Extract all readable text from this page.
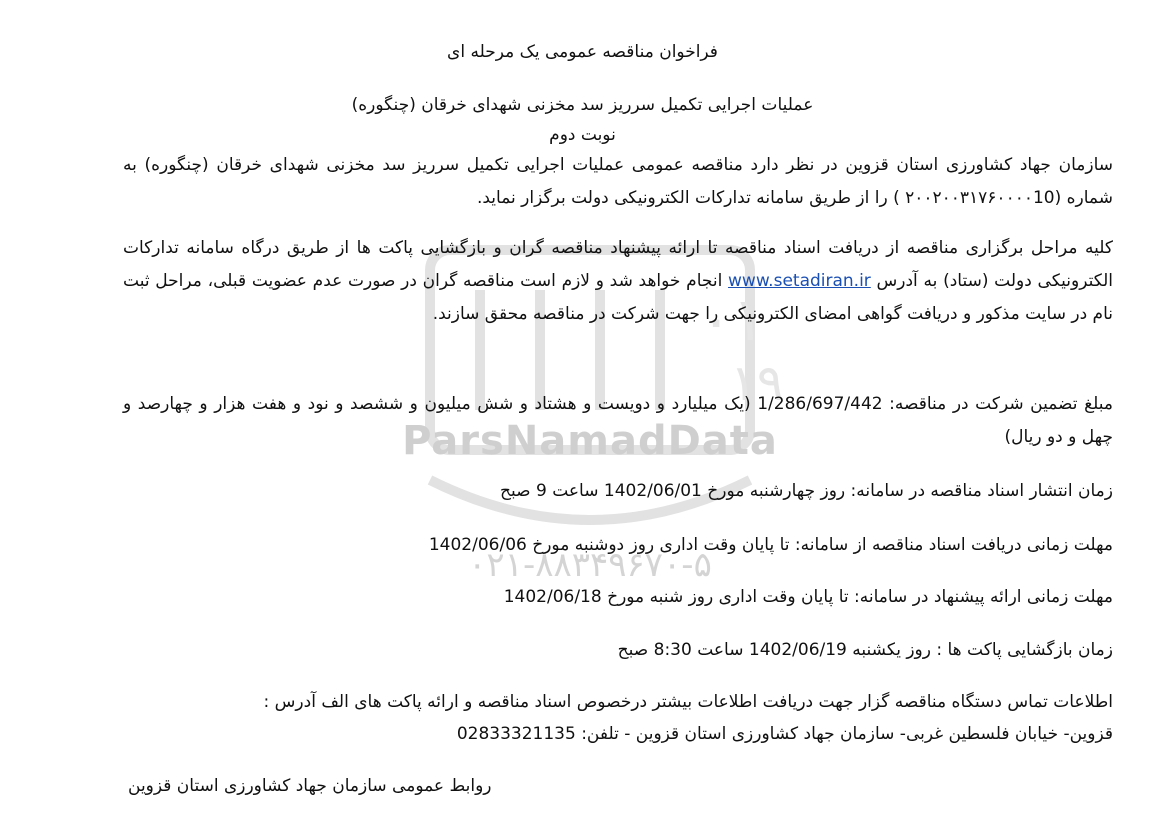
۰۱
۱۹
ParsNamadData
۰۲۱-۸۸۳۴۹۶۷۰-۵
فراخوان مناقصه عمومی یک مرحله ای
عملیات اجرایی تکمیل سرریز سد مخزنی شهدای خرقان (چنگوره)
نوبت دوم
سازمان جهاد کشاورزی استان قزوین در نظر دارد مناقصه عمومی عملیات اجرایی تکمیل سرریز سد مخزنی شهدای خرقان (چنگوره) به شماره (۲۰۰۲۰۰۳۱۷۶۰۰۰۰10 ) را از طریق سامانه تدارکات الکترونیکی دولت برگزار نماید.
کلیه مراحل برگزاری مناقصه از دریافت اسناد مناقصه تا ارائه پیشنهاد مناقصه گران و بازگشایی پاکت ها از طریق درگاه سامانه تدارکات الکترونیکی دولت (ستاد) به آدرس www.setadiran.ir انجام خواهد شد و لازم است مناقصه گران در صورت عدم عضویت قبلی، مراحل ثبت نام در سایت مذکور و دریافت گواهی امضای الکترونیکی را جهت شرکت در مناقصه محقق سازند.
مبلغ تضمین شرکت در مناقصه: 1/286/697/442 (یک میلیارد و دویست و هشتاد و شش میلیون و ششصد و نود و هفت هزار و چهارصد و چهل و دو ریال)
زمان انتشار اسناد مناقصه در سامانه: روز چهارشنبه مورخ 1402/06/01 ساعت 9 صبح
مهلت زمانی دریافت اسناد مناقصه از سامانه: تا پایان وقت اداری روز دوشنبه مورخ 1402/06/06
مهلت زمانی ارائه پیشنهاد در سامانه: تا پایان وقت اداری روز شنبه مورخ 1402/06/18
زمان بازگشایی پاکت ها : روز یکشنبه 1402/06/19 ساعت 8:30 صبح
اطلاعات تماس دستگاه مناقصه گزار جهت دریافت اطلاعات بیشتر درخصوص اسناد مناقصه و ارائه پاکت های الف آدرس :
قزوین- خیابان فلسطین غربی- سازمان جهاد کشاورزی استان قزوین - تلفن: 02833321135
روابط عمومی سازمان جهاد کشاورزی استان قزوین
